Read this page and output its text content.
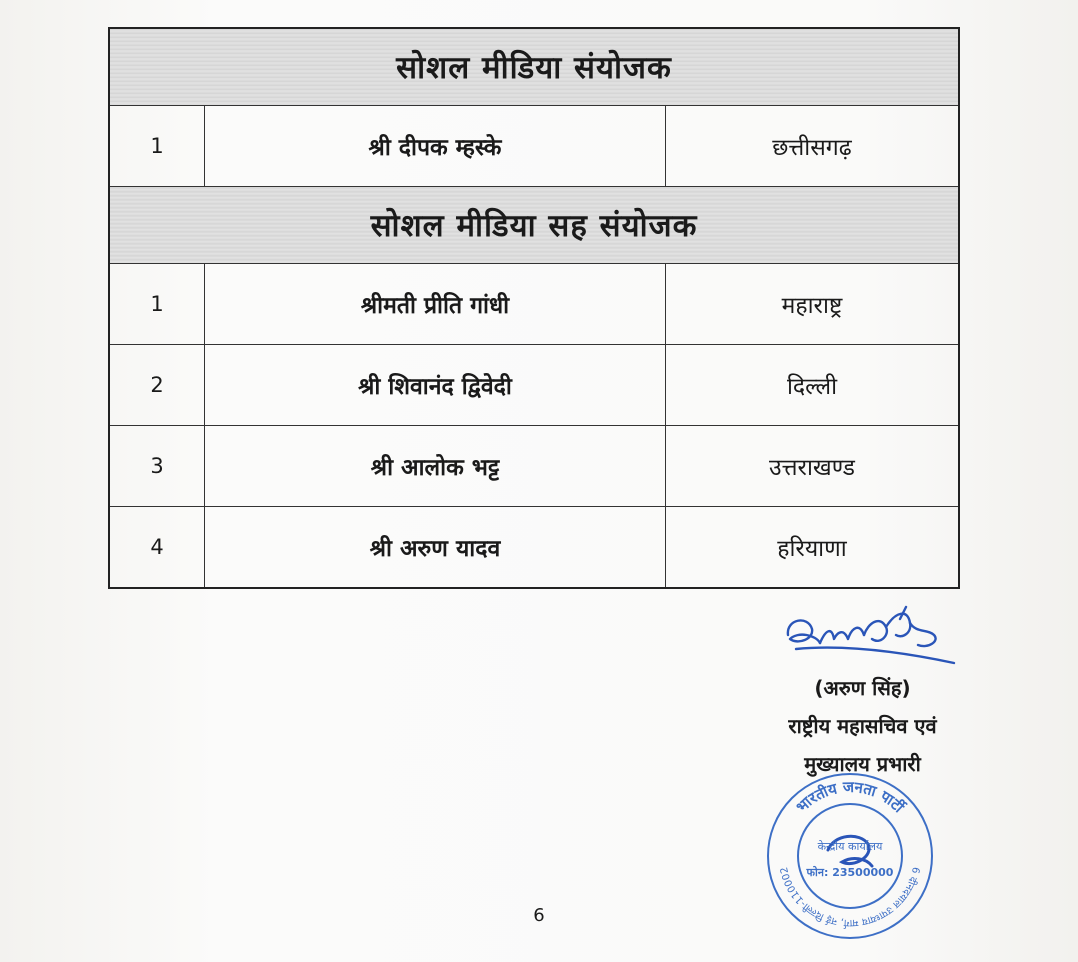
सोशल मीडिया संयोजक		
1	श्री दीपक म्हस्के	छत्तीसगढ़
सोशल मीडिया सह संयोजक		
1	श्रीमती प्रीति गांधी	महाराष्ट्र
2	श्री शिवानंद द्विवेदी	दिल्ली
3	श्री आलोक भट्ट	उत्तराखण्ड
4	श्री अरुण यादव	हरियाणा
(अरुण सिंह)
राष्ट्रीय महासचिव एवं
मुख्यालय प्रभारी
भारतीय जनता पार्टी
6 दीनदयाल उपाध्याय मार्ग, नई दिल्ली-110002
केन्द्रीय कार्यालय
फोन: 23500000
6
